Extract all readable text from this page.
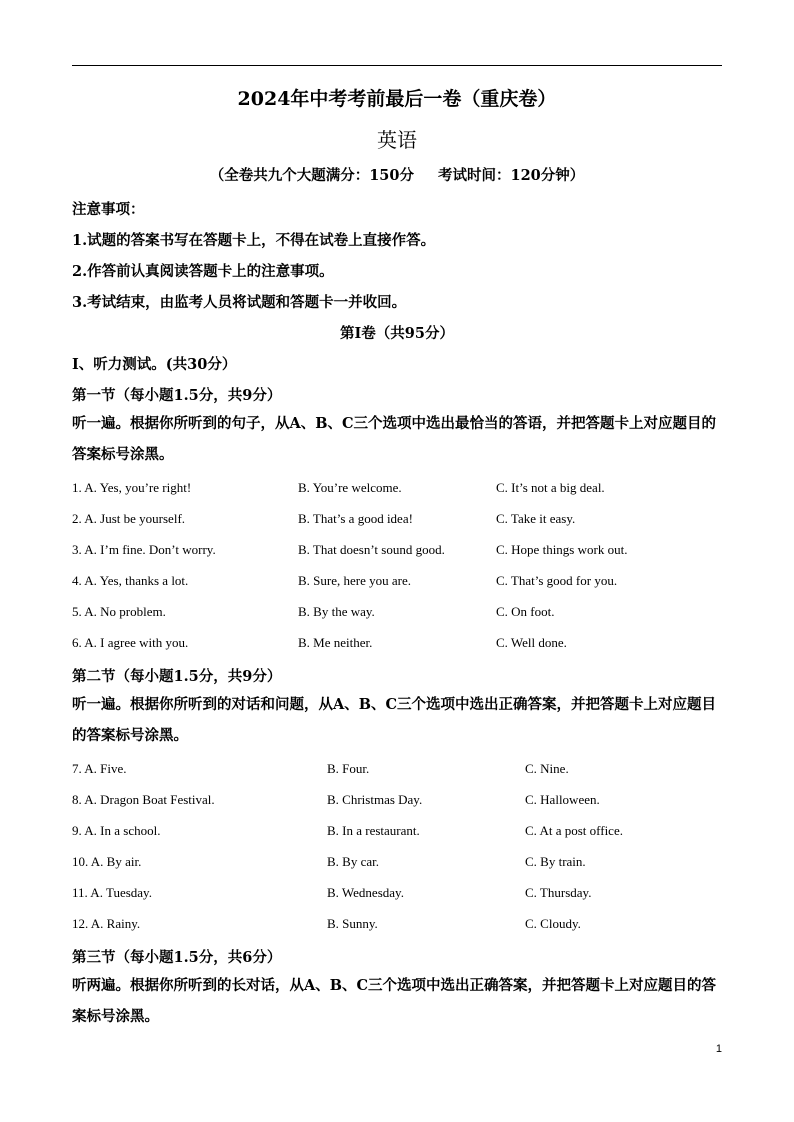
2024年中考考前最后一卷（重庆卷）
英语
（全卷共九个大题满分：150分 考试时间：120分钟）
注意事项：
1.试题的答案书写在答题卡上，不得在试卷上直接作答。
2.作答前认真阅读答题卡上的注意事项。
3.考试结束，由监考人员将试题和答题卡一并收回。
第Ⅰ卷（共95分）
Ⅰ、听力测试。(共30分）
第一节（每小题1.5分，共9分）
听一遍。根据你所听到的句子，从A、B、C三个选项中选出最恰当的答语，并把答题卡上对应题目的答案标号涂黑。
1. A. Yes, you’re right!	B. You’re welcome.	C. It’s not a big deal.
2. A. Just be yourself.	B. That’s a good idea!	C. Take it easy.
3. A. I’m fine. Don’t worry.	B. That doesn’t sound good.	C. Hope things work out.
4. A. Yes, thanks a lot.	B. Sure, here you are.	C. That’s good for you.
5. A. No problem.	B. By the way.	C. On foot.
6. A. I agree with you.	B. Me neither.	C. Well done.
第二节（每小题1.5分，共9分）
听一遍。根据你所听到的对话和问题，从A、B、C三个选项中选出正确答案，并把答题卡上对应题目的答案标号涂黑。
7. A. Five.	B. Four.	C. Nine.
8. A. Dragon Boat Festival.	B. Christmas Day.	C. Halloween.
9. A. In a school.	B. In a restaurant.	C. At a post office.
10. A. By air.	B. By car.	C. By train.
11. A. Tuesday.	B. Wednesday.	C. Thursday.
12. A. Rainy.	B. Sunny.	C. Cloudy.
第三节（每小题1.5分，共6分）
听两遍。根据你所听到的长对话，从A、B、C三个选项中选出正确答案，并把答题卡上对应题目的答案标号涂黑。
1
